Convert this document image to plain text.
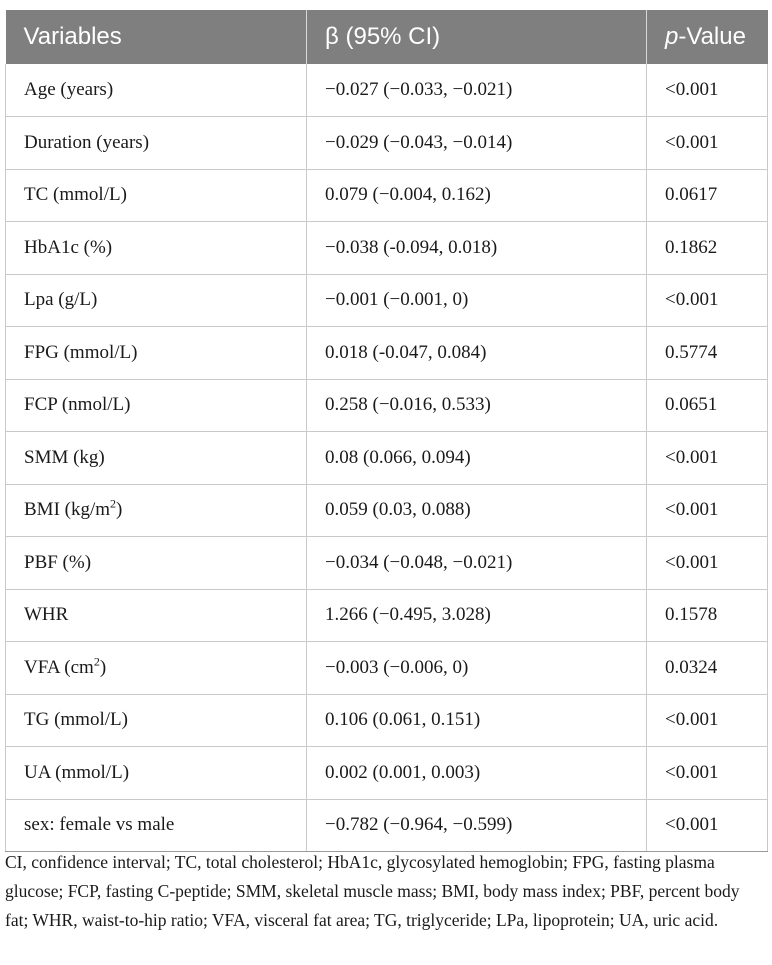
Variables	β (95% CI)	p-Value
Age (years)	−0.027 (−0.033, −0.021)	<0.001
Duration (years)	−0.029 (−0.043, −0.014)	<0.001
TC (mmol/L)	0.079 (−0.004, 0.162)	0.0617
HbA1c (%)	−0.038 (-0.094, 0.018)	0.1862
Lpa (g/L)	−0.001 (−0.001, 0)	<0.001
FPG (mmol/L)	0.018 (-0.047, 0.084)	0.5774
FCP (nmol/L)	0.258 (−0.016, 0.533)	0.0651
SMM (kg)	0.08 (0.066, 0.094)	<0.001
BMI $(kg/m^2)$	0.059 (0.03, 0.088)	<0.001
PBF (%)	−0.034 (−0.048, −0.021)	<0.001
WHR	1.266 (−0.495, 3.028)	0.1578
VFA $(cm^2)$	−0.003 (−0.006, 0)	0.0324
TG (mmol/L)	0.106 (0.061, 0.151)	<0.001
UA (mmol/L)	0.002 (0.001, 0.003)	<0.001
sex: female vs male	−0.782 (−0.964, −0.599)	<0.001

CI, confidence interval; TC, total cholesterol; HbA1c, glycosylated hemoglobin; FPG, fasting plasma glucose; FCP, fasting C-peptide; SMM, skeletal muscle mass; BMI, body mass index; PBF, percent body fat; WHR, waist-to-hip ratio; VFA, visceral fat area; TG, triglyceride; LPa, lipoprotein; UA, uric acid.
